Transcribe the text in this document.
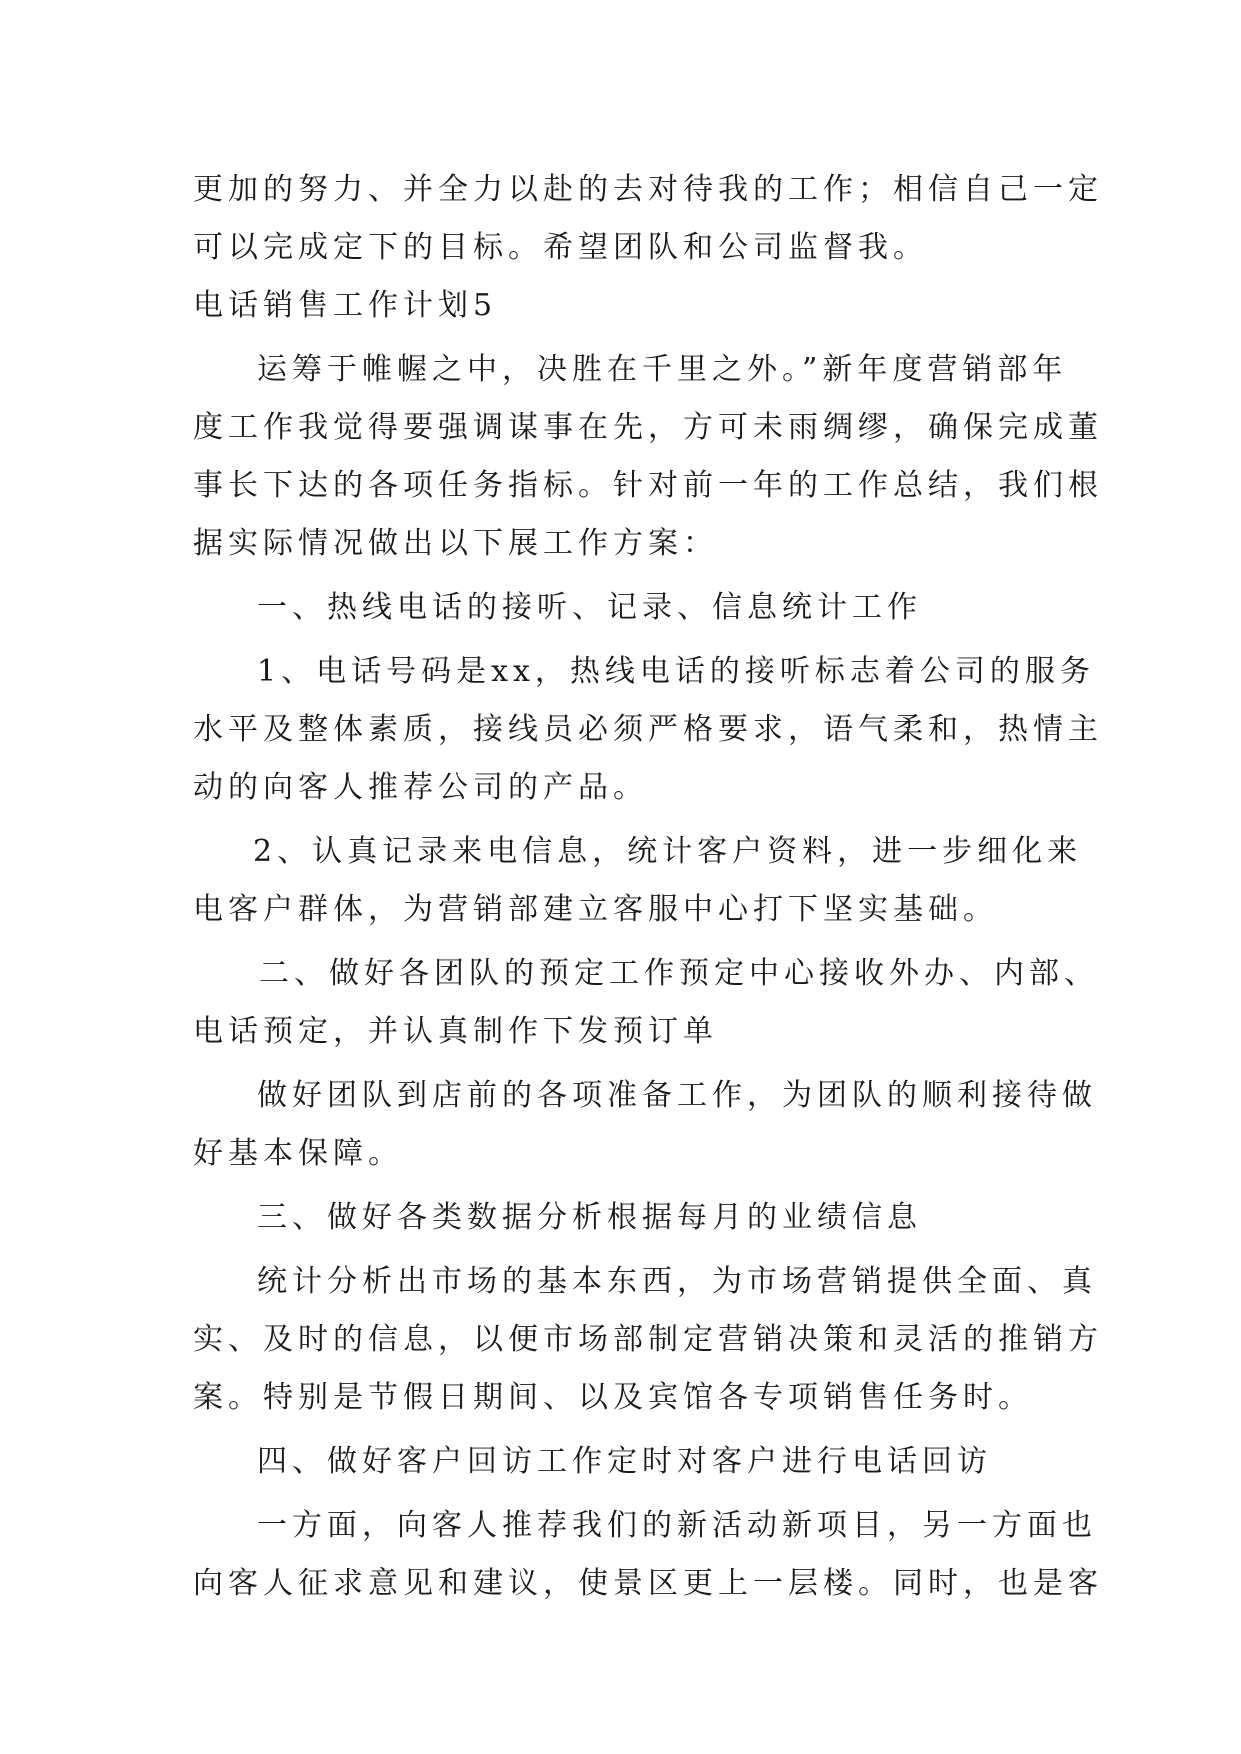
更加的努力、并全力以赴的去对待我的工作；相信自己一定
可以完成定下的目标。希望团队和公司监督我。
电话销售工作计划5
运筹于帷幄之中，决胜在千里之外。”新年度营销部年
度工作我觉得要强调谋事在先，方可未雨绸缪，确保完成董
事长下达的各项任务指标。针对前一年的工作总结，我们根
据实际情况做出以下展工作方案：
一、热线电话的接听、记录、信息统计工作
1、电话号码是xx，热线电话的接听标志着公司的服务
水平及整体素质，接线员必须严格要求，语气柔和，热情主
动的向客人推荐公司的产品。
2、认真记录来电信息，统计客户资料，进一步细化来
电客户群体，为营销部建立客服中心打下坚实基础。
二、做好各团队的预定工作预定中心接收外办、内部、
电话预定，并认真制作下发预订单
做好团队到店前的各项准备工作，为团队的顺利接待做
好基本保障。
三、做好各类数据分析根据每月的业绩信息
统计分析出市场的基本东西，为市场营销提供全面、真
实、及时的信息，以便市场部制定营销决策和灵活的推销方
案。特别是节假日期间、以及宾馆各专项销售任务时。
四、做好客户回访工作定时对客户进行电话回访
一方面，向客人推荐我们的新活动新项目，另一方面也
向客人征求意见和建议，使景区更上一层楼。同时，也是客
